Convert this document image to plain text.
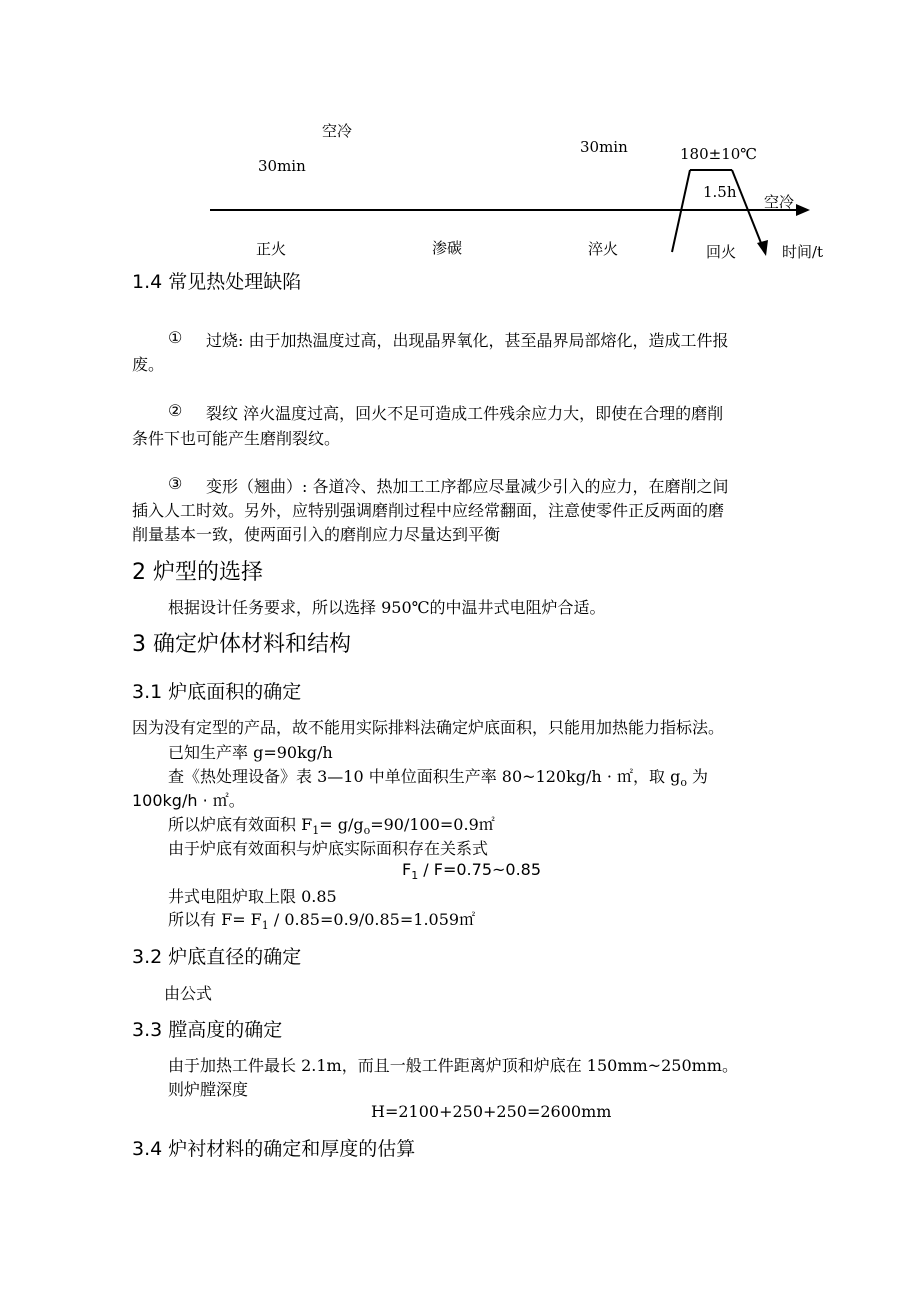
空冷
30min
30min	180±10℃
1.5h
空冷
正火	渗碳	淬火	回火	时间/t
1.4 常见热处理缺陷
① 过烧: 由于加热温度过高，出现晶界氧化，甚至晶界局部熔化，造成工件报
废。
② 裂纹 淬火温度过高，回火不足可造成工件残余应力大，即使在合理的磨削
条件下也可能产生磨削裂纹。
③ 变形（翘曲）: 各道冷、热加工工序都应尽量减少引入的应力，在磨削之间
插入人工时效。另外，应特别强调磨削过程中应经常翻面，注意使零件正反两面的磨
削量基本一致，使两面引入的磨削应力尽量达到平衡
2 炉型的选择
根据设计任务要求，所以选择 950℃的中温井式电阻炉合适。
3 确定炉体材料和结构
3.1 炉底面积的确定
因为没有定型的产品，故不能用实际排料法确定炉底面积，只能用加热能力指标法。
已知生产率 g=90kg/h
查《热处理设备》表 3—10 中单位面积生产率 80~120kg/h · ㎡，取 $g_o$ 为
100kg/h · ㎡。
所以炉底有效面积 $F_1=$ $g/g_o=90/100=0.9㎡$
由于炉底有效面积与炉底实际面积存在关系式
$F_1$ / F=0.75~0.85
井式电阻炉取上限 0.85
所以有 $F= F_1$ / 0.85=0.9/0.85=1.059㎡
3.2 炉底直径的确定
由公式
3.3 膛高度的确定
由于加热工件最长 2.1m，而且一般工件距离炉顶和炉底在 150mm~250mm。
则炉膛深度
H=2100+250+250=2600mm
3.4 炉衬材料的确定和厚度的估算
